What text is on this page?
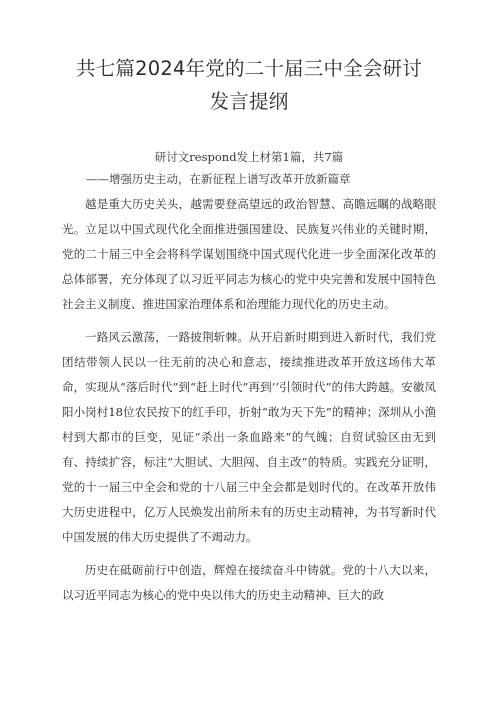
共七篇2024年党的二十届三中全会研讨发言提纲
研讨文respond发上材第1篇，共7篇
——增强历史主动，在新征程上谱写改革开放新篇章

越是重大历史关头，越需要登高望远的政治智慧、高瞻远瞩的战略眼光。立足以中国式现代化全面推进强国建设、民族复兴伟业的关键时期，党的二十届三中全会将科学谋划围绕中国式现代化进一步全面深化改革的总体部署，充分体现了以习近平同志为核心的党中央完善和发展中国特色社会主义制度、推进国家治理体系和治理能力现代化的历史主动。

一路风云激荡，一路披荆斩棘。从开启新时期到进入新时代，我们党团结带领人民以一往无前的决心和意志，接续推进改革开放这场伟大革命，实现从“落后时代”到“赶上时代”再到’’引领时代”的伟大跨越。安徽凤阳小岗村18位农民按下的红手印，折射“敢为天下先”的精神；深圳从小渔村到大都市的巨变，见证“杀出一条血路来”的气魄；自贸试验区由无到有、持续扩容，标注“大胆试、大胆闯、自主改”的特质。实践充分证明，党的十一届三中全会和党的十八届三中全会都是划时代的。在改革开放伟大历史进程中，亿万人民焕发出前所未有的历史主动精神，为书写新时代中国发展的伟大历史提供了不竭动力。

历史在砥砺前行中创造，辉煌在接续奋斗中铸就。党的十八大以来，以习近平同志为核心的党中央以伟大的历史主动精神、巨大的政
